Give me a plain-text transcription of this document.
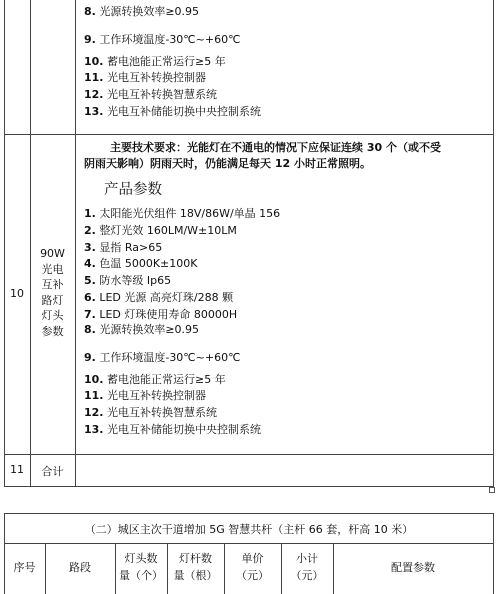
8. 光源转换效率≥0.95
9. 工作环境温度-30℃~+60℃
10. 蓄电池能正常运行≥5 年
11. 光电互补转换控制器
12. 光电互补转换智慧系统
13. 光电互补储能切换中央控制系统
10
90W
光电
互补
路灯
灯头
参数
主要技术要求：光能灯在不通电的情况下应保证连续 30 个（或不受
阴雨天影响）阴雨天时，仍能满足每天 12 小时正常照明。
产品参数
1. 太阳能光伏组件 18V/86W/单晶 156
2. 整灯光效 160LM/W±10LM
3. 显指 Ra>65
4. 色温 5000K±100K
5. 防水等级 Ip65
6. LED 光源 高亮灯珠/288 颗
7. LED 灯珠使用寿命 80000H
8. 光源转换效率≥0.95
9. 工作环境温度-30℃~+60℃
10. 蓄电池能正常运行≥5 年
11. 光电互补转换控制器
12. 光电互补转换智慧系统
13. 光电互补储能切换中央控制系统
11	合计
（二）城区主次干道增加 5G 智慧共杆（主杆 66 套，杆高 10 米）
序号	路段
灯头数
量（个）
灯杆数
量（根）
单价
（元）
小计
（元）
配置参数
